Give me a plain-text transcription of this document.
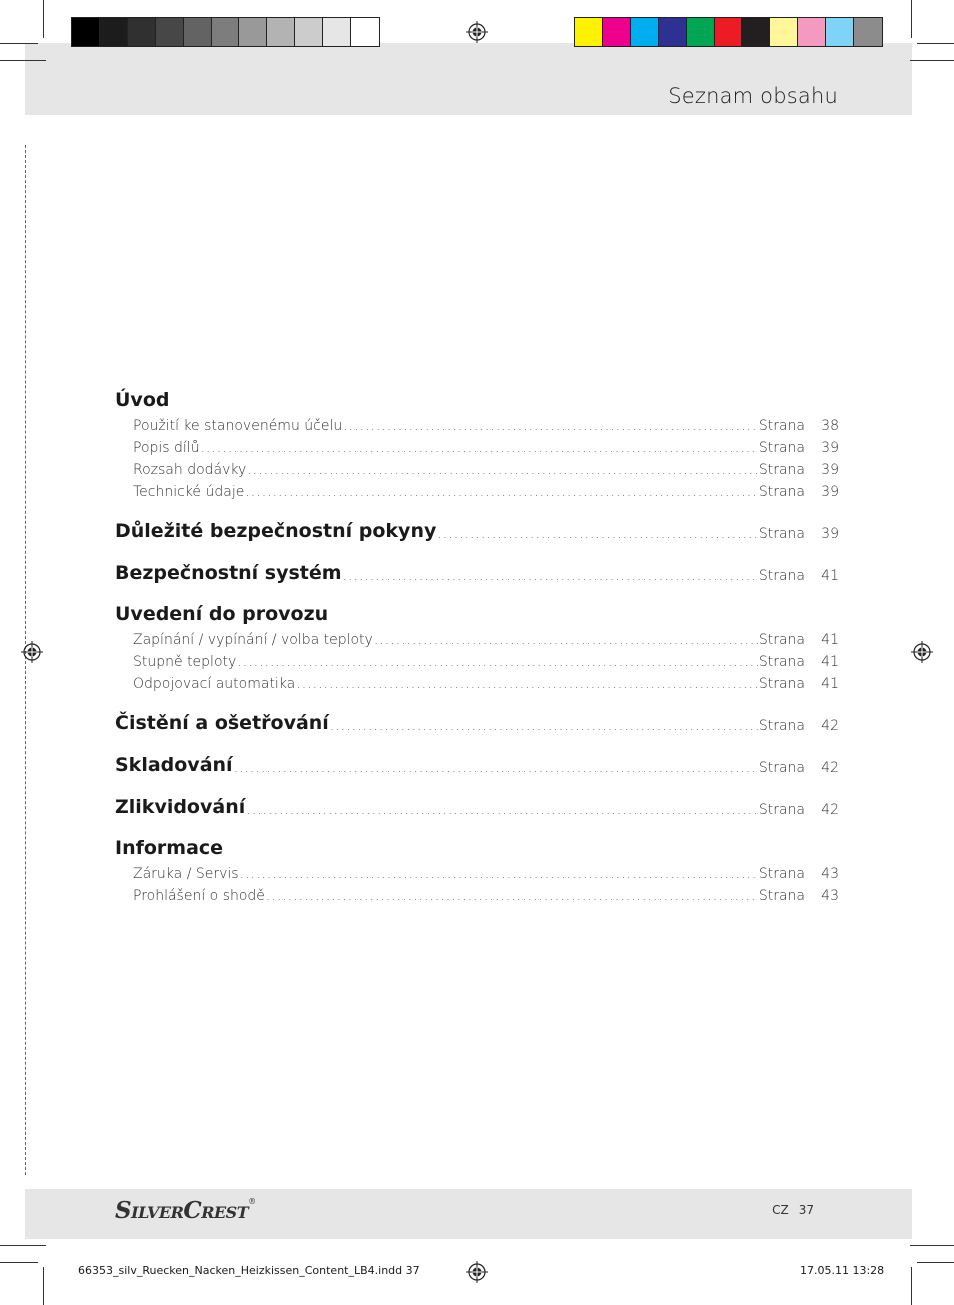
Seznam obsahu
Úvod
Použití ke stanovenému účelu .....	Strana	38
Popis dílů .....	Strana	39
Rozsah dodávky .....	Strana	39
Technické údaje .....	Strana	39
Důležité bezpečnostní pokyny .....	Strana	39
Bezpečnostní systém .....	Strana	41
Uvedení do provozu
Zapínání / vypínání / volba teploty .....	Strana	41
Stupně teploty .....	Strana	41
Odpojovací automatika .....	Strana	41
Čistění a ošetřování .....	Strana	42
Skladování .....	Strana	42
Zlikvidování .....	Strana	42
Informace
Záruka / Servis .....	Strana	43
Prohlášení o shodě .....	Strana	43
SILVERCREST®
CZ 37
66353_silv_Ruecken_Nacken_Heizkissen_Content_LB4.indd 37	17.05.11 13:28
